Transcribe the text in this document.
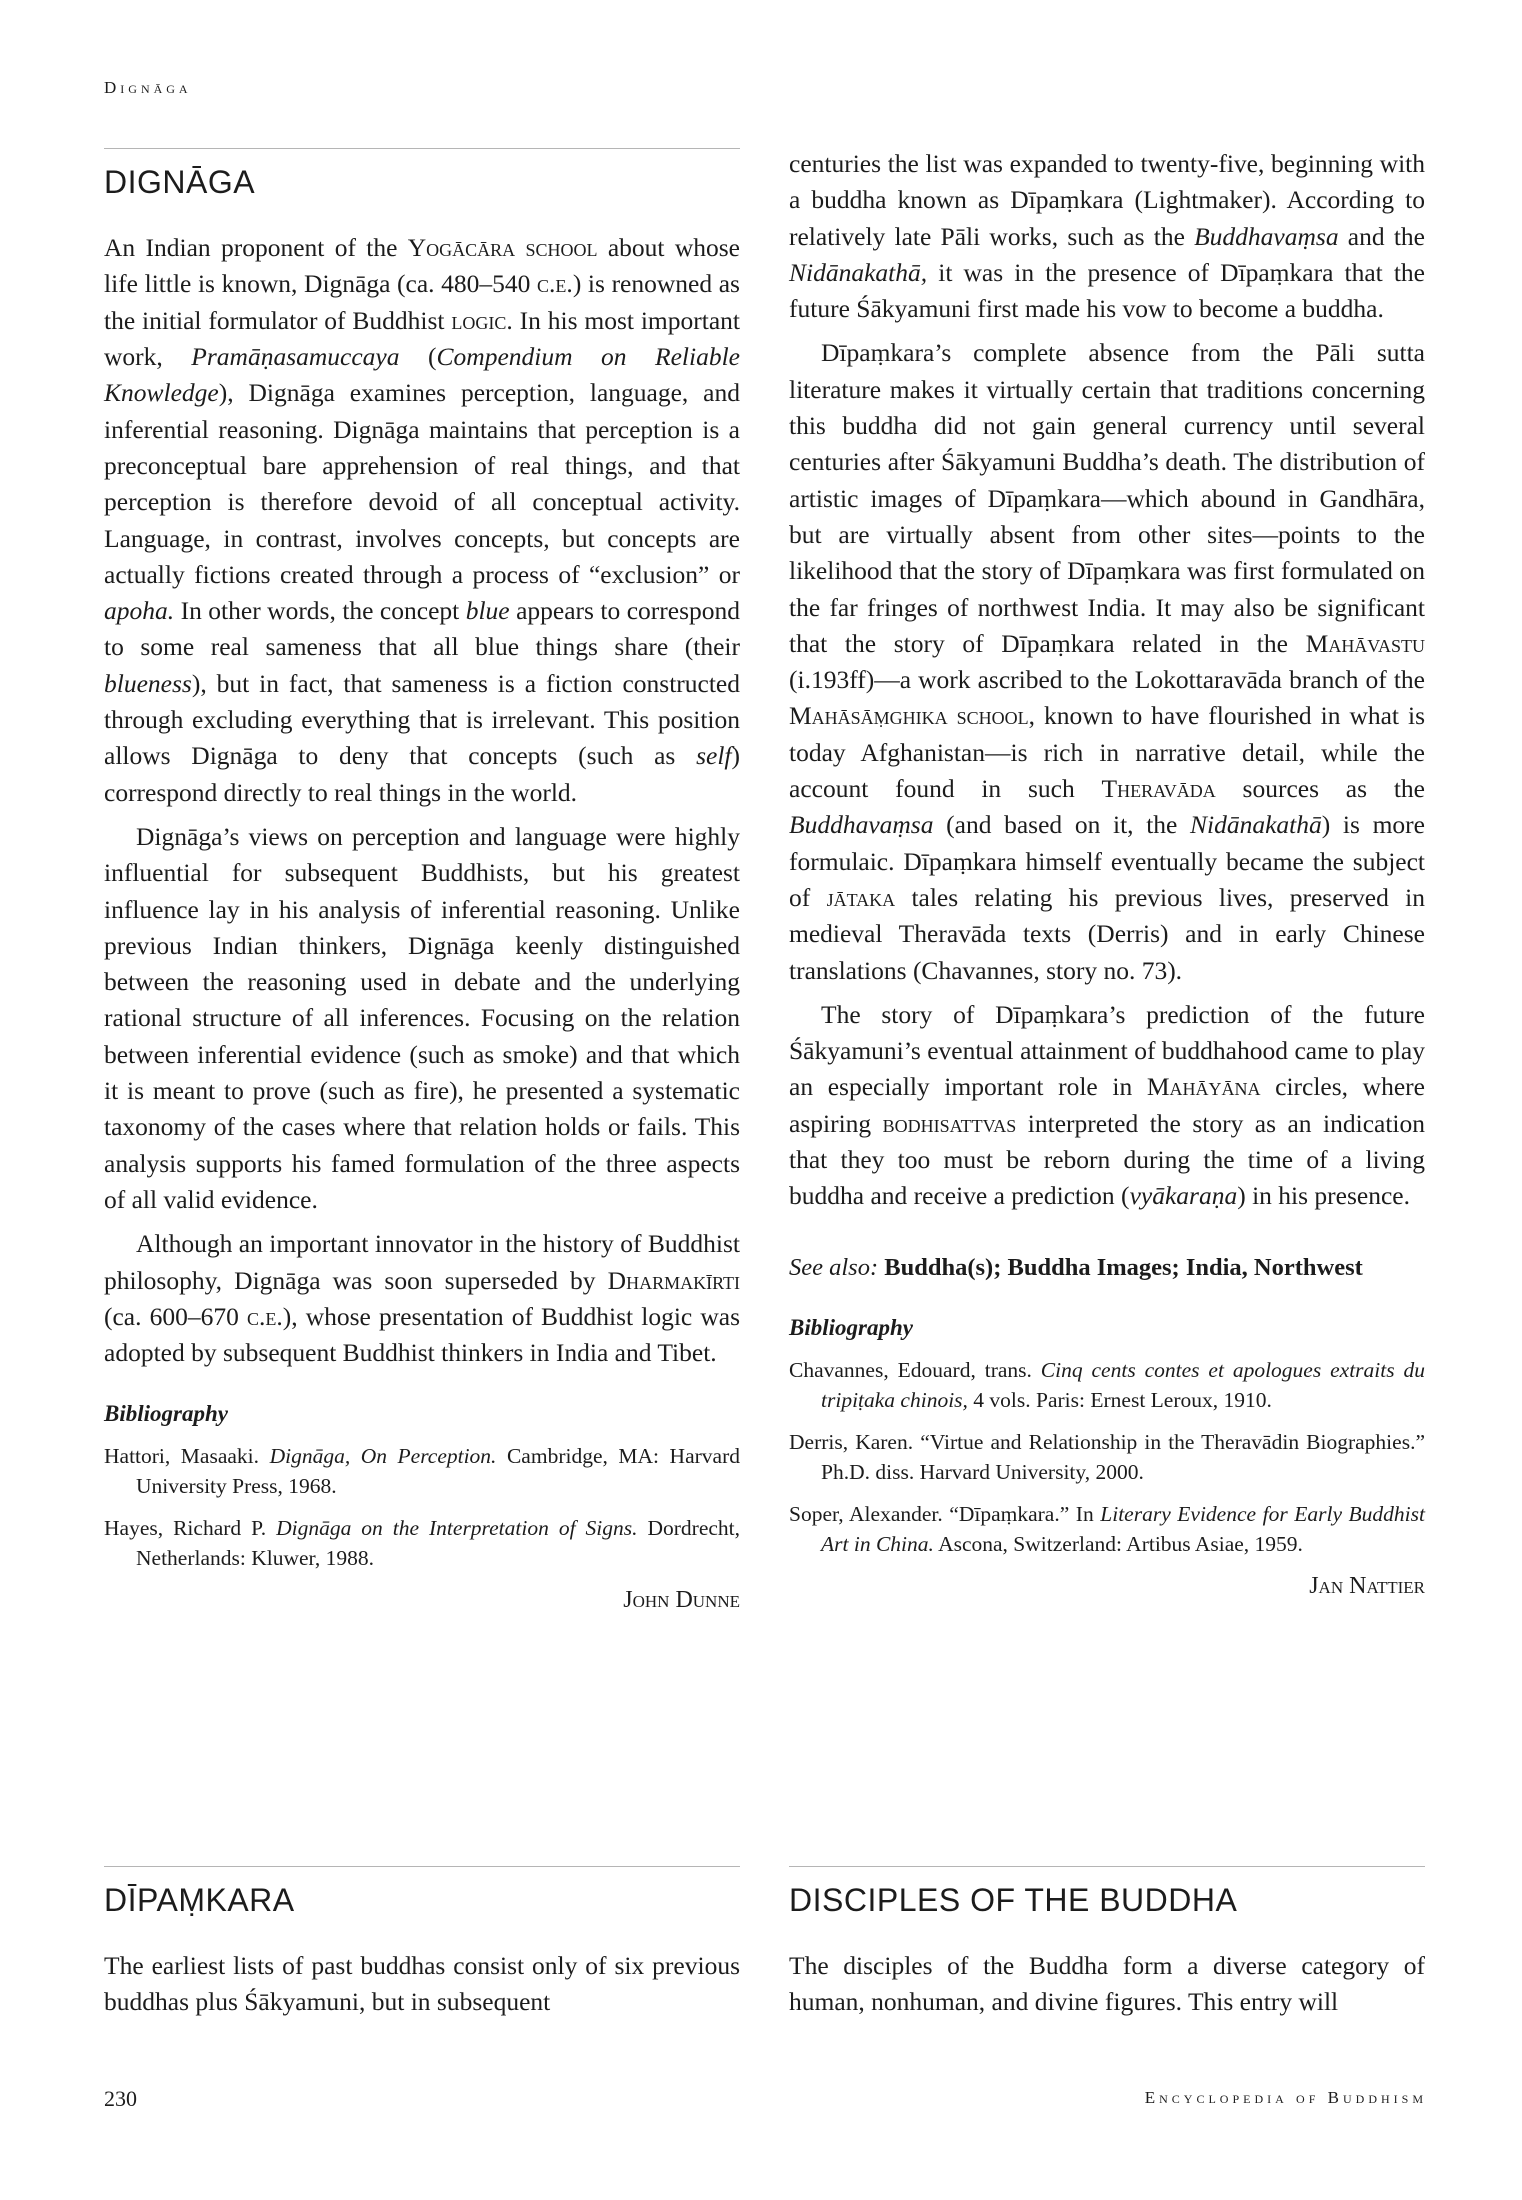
Dignāga
DIGNĀGA

An Indian proponent of the Yogācāra school about whose life little is known, Dignāga (ca. 480–540 c.e.) is renowned as the initial formulator of Buddhist logic. In his most important work, Pramāṇasamuccaya (Compendium on Reliable Knowledge), Dignāga examines perception, language, and inferential reasoning. Dignāga maintains that perception is a preconceptual bare apprehension of real things, and that perception is therefore devoid of all conceptual activity. Language, in contrast, involves concepts, but concepts are actually fictions created through a process of “exclusion” or apoha. In other words, the concept blue appears to correspond to some real sameness that all blue things share (their blueness), but in fact, that sameness is a fiction constructed through excluding everything that is irrelevant. This position allows Dignāga to deny that concepts (such as self) correspond directly to real things in the world.

Dignāga’s views on perception and language were highly influential for subsequent Buddhists, but his greatest influence lay in his analysis of inferential reasoning. Unlike previous Indian thinkers, Dignāga keenly distinguished between the reasoning used in debate and the underlying rational structure of all inferences. Focusing on the relation between inferential evidence (such as smoke) and that which it is meant to prove (such as fire), he presented a systematic taxonomy of the cases where that relation holds or fails. This analysis supports his famed formulation of the three aspects of all valid evidence.

Although an important innovator in the history of Buddhist philosophy, Dignāga was soon superseded by Dharmakīrti (ca. 600–670 c.e.), whose presentation of Buddhist logic was adopted by subsequent Buddhist thinkers in India and Tibet.

Bibliography

Hattori, Masaaki. Dignāga, On Perception. Cambridge, MA: Harvard University Press, 1968.

Hayes, Richard P. Dignāga on the Interpretation of Signs. Dordrecht, Netherlands: Kluwer, 1988.

John Dunne

centuries the list was expanded to twenty-five, beginning with a buddha known as Dīpaṃkara (Lightmaker). According to relatively late Pāli works, such as the Buddhavaṃsa and the Nidānakathā, it was in the presence of Dīpaṃkara that the future Śākyamuni first made his vow to become a buddha.

Dīpaṃkara’s complete absence from the Pāli sutta literature makes it virtually certain that traditions concerning this buddha did not gain general currency until several centuries after Śākyamuni Buddha’s death. The distribution of artistic images of Dīpaṃkara—which abound in Gandhāra, but are virtually absent from other sites—points to the likelihood that the story of Dīpaṃkara was first formulated on the far fringes of northwest India. It may also be significant that the story of Dīpaṃkara related in the Mahāvastu (i.193ff)—a work ascribed to the Lokottaravāda branch of the Mahāsāṃghika school, known to have flourished in what is today Afghanistan—is rich in narrative detail, while the account found in such Theravāda sources as the Buddhavaṃsa (and based on it, the Nidānakathā) is more formulaic. Dīpaṃkara himself eventually became the subject of jātaka tales relating his previous lives, preserved in medieval Theravāda texts (Derris) and in early Chinese translations (Chavannes, story no. 73).

The story of Dīpaṃkara’s prediction of the future Śākyamuni’s eventual attainment of buddhahood came to play an especially important role in Mahāyāna circles, where aspiring bodhisattvas interpreted the story as an indication that they too must be reborn during the time of a living buddha and receive a prediction (vyākaraṇa) in his presence.

See also: Buddha(s); Buddha Images; India, Northwest

Bibliography

Chavannes, Edouard, trans. Cinq cents contes et apologues extraits du tripiṭaka chinois, 4 vols. Paris: Ernest Leroux, 1910.

Derris, Karen. “Virtue and Relationship in the Theravādin Biographies.” Ph.D. diss. Harvard University, 2000.

Soper, Alexander. “Dīpaṃkara.” In Literary Evidence for Early Buddhist Art in China. Ascona, Switzerland: Artibus Asiae, 1959.

Jan Nattier
DĪPAṂKARA

The earliest lists of past buddhas consist only of six previous buddhas plus Śākyamuni, but in subsequent

DISCIPLES OF THE BUDDHA

The disciples of the Buddha form a diverse category of human, nonhuman, and divine figures. This entry will

230	Encyclopedia of Buddhism
